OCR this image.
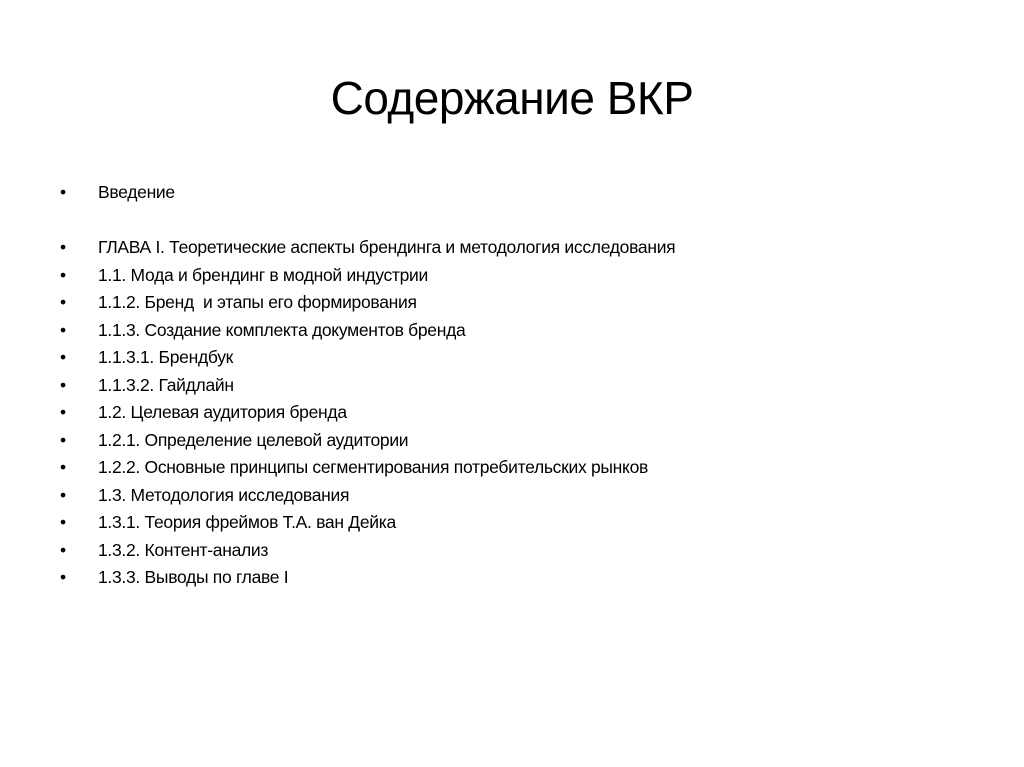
Содержание ВКР
• Введение
• ГЛАВА I. Теоретические аспекты брендинга и методология исследования
• 1.1. Мода и брендинг в модной индустрии
• 1.1.2. Бренд  и этапы его формирования
• 1.1.3. Создание комплекта документов бренда
• 1.1.3.1. Брендбук
• 1.1.3.2. Гайдлайн
• 1.2. Целевая аудитория бренда
• 1.2.1. Определение целевой аудитории
• 1.2.2. Основные принципы сегментирования потребительских рынков
• 1.3. Методология исследования
• 1.3.1. Теория фреймов Т.А. ван Дейка
• 1.3.2. Контент-анализ
• 1.3.3. Выводы по главе I
